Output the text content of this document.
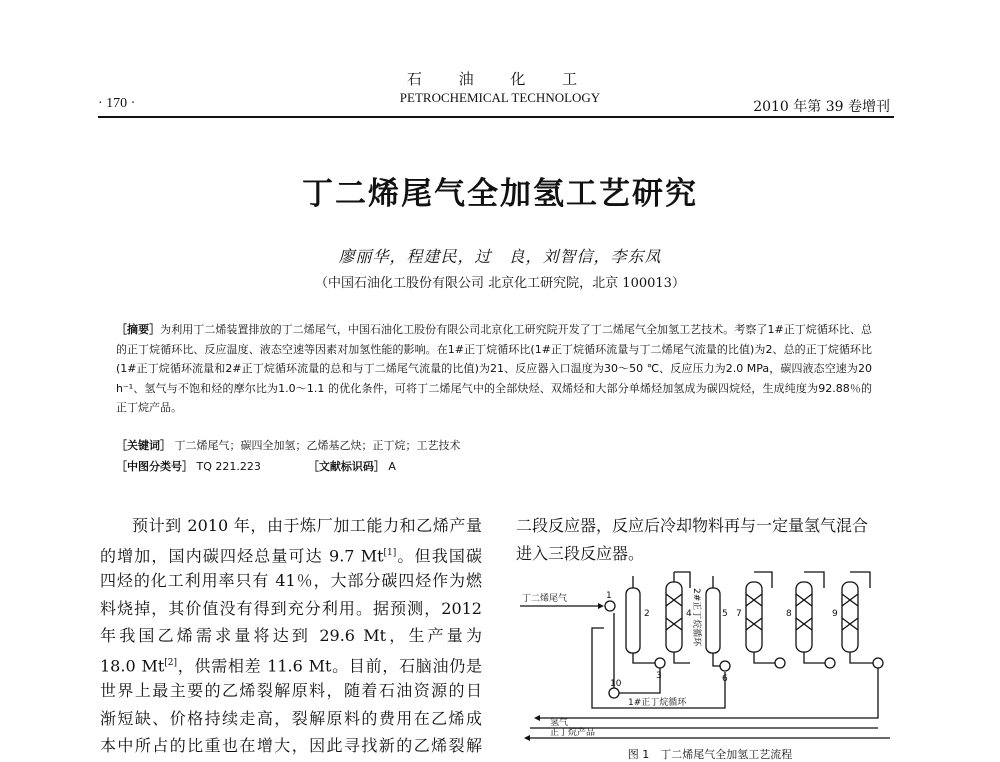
石 油 化 工
PETROCHEMICAL TECHNOLOGY
· 170 ·	2010 年第 39 卷增刊
丁二烯尾气全加氢工艺研究
廖丽华，程建民，过　良，刘智信，李东凤
（中国石油化工股份有限公司 北京化工研究院，北京 100013）
［摘要］为利用丁二烯装置排放的丁二烯尾气，中国石油化工股份有限公司北京化工研究院开发了丁二烯尾气全加氢工艺技术。考察了1#正丁烷循环比、总的正丁烷循环比、反应温度、液态空速等因素对加氢性能的影响。在1#正丁烷循环比(1#正丁烷循环流量与丁二烯尾气流量的比值)为2、总的正丁烷循环比(1#正丁烷循环流量和2#正丁烷循环流量的总和与丁二烯尾气流量的比值)为21、反应器入口温度为30～50 ℃、反应压力为2.0 MPa，碳四液态空速为20 h⁻¹、氢气与不饱和烃的摩尔比为1.0～1.1 的优化条件，可将丁二烯尾气中的全部炔烃、双烯烃和大部分单烯烃加氢成为碳四烷烃，生成纯度为92.88％的正丁烷产品。
［关键词］ 丁二烯尾气；碳四全加氢；乙烯基乙炔；正丁烷；工艺技术
［中图分类号］ TQ 221.223	［文献标识码］ A
预计到 2010 年，由于炼厂加工能力和乙烯产量
的增加，国内碳四烃总量可达 9.7 Mt[1]。但我国碳
四烃的化工利用率只有 41％，大部分碳四烃作为燃
料烧掉，其价值没有得到充分利用。据预测，2012
年我国乙烯需求量将达到 29.6 Mt，生产量为
18.0 Mt[2]，供需相差 11.6 Mt。目前，石脑油仍是
世界上最主要的乙烯裂解原料，随着石油资源的日
渐短缺、价格持续走高，裂解原料的费用在乙烯成
本中所占的比重也在增大，因此寻找新的乙烯裂解
二段反应器，反应后冷却物料再与一定量氢气混合
进入三段反应器。
丁二烯尾气
氢气
正丁烷产品
1#正丁烷循环
2#正丁烷循环
1
2
3
4	5
6
7	8	9
10
图 1　丁二烯尾气全加氢工艺流程
